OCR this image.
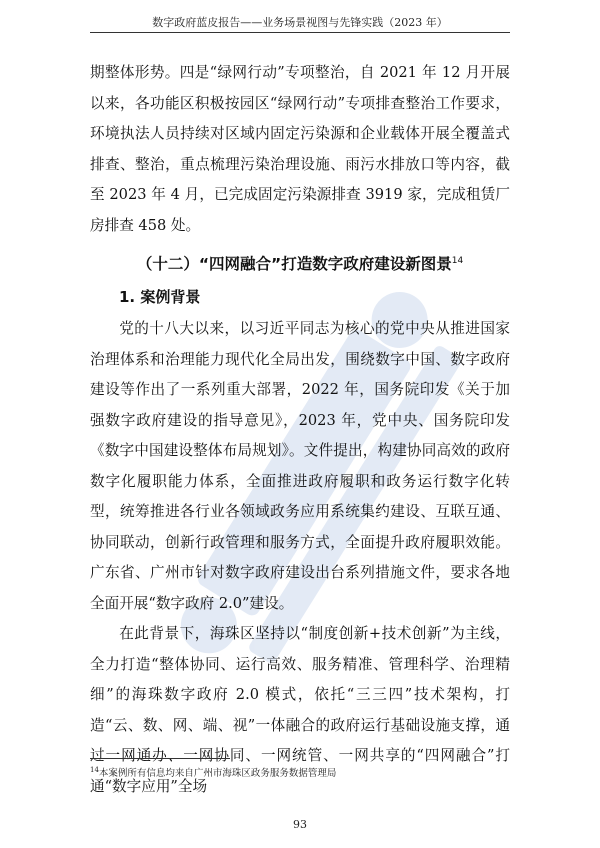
数字政府蓝皮报告——业务场景视图与先锋实践（2023 年）

期整体形势。四是“绿网行动”专项整治，自 2021 年 12 月开展以来，各功能区积极按园区“绿网行动”专项排查整治工作要求，环境执法人员持续对区域内固定污染源和企业载体开展全覆盖式排查、整治，重点梳理污染治理设施、雨污水排放口等内容，截至 2023 年 4 月，已完成固定污染源排查 3919 家，完成租赁厂房排查 458 处。

（十二）“四网融合”打造数字政府建设新图景$^{14}$
1. 案例背景

党的十八大以来，以习近平同志为核心的党中央从推进国家治理体系和治理能力现代化全局出发，围绕数字中国、数字政府建设等作出了一系列重大部署，2022 年，国务院印发《关于加强数字政府建设的指导意见》，2023 年，党中央、国务院印发《数字中国建设整体布局规划》。文件提出，构建协同高效的政府数字化履职能力体系，全面推进政府履职和政务运行数字化转型，统筹推进各行业各领域政务应用系统集约建设、互联互通、协同联动，创新行政管理和服务方式，全面提升政府履职效能。广东省、广州市针对数字政府建设出台系列措施文件，要求各地全面开展“数字政府 2.0”建设。

在此背景下，海珠区坚持以“制度创新+技术创新”为主线，全力打造“整体协同、运行高效、服务精准、管理科学、治理精细”的海珠数字政府 2.0 模式，依托“三三四”技术架构，打造“云、数、网、端、视”一体融合的政府运行基础设施支撑，通过一网通办、一网协同、一网统管、一网共享的“四网融合”打通“数字应用”全场

$^{14}$本案例所有信息均来自广州市海珠区政务服务数据管理局
93
